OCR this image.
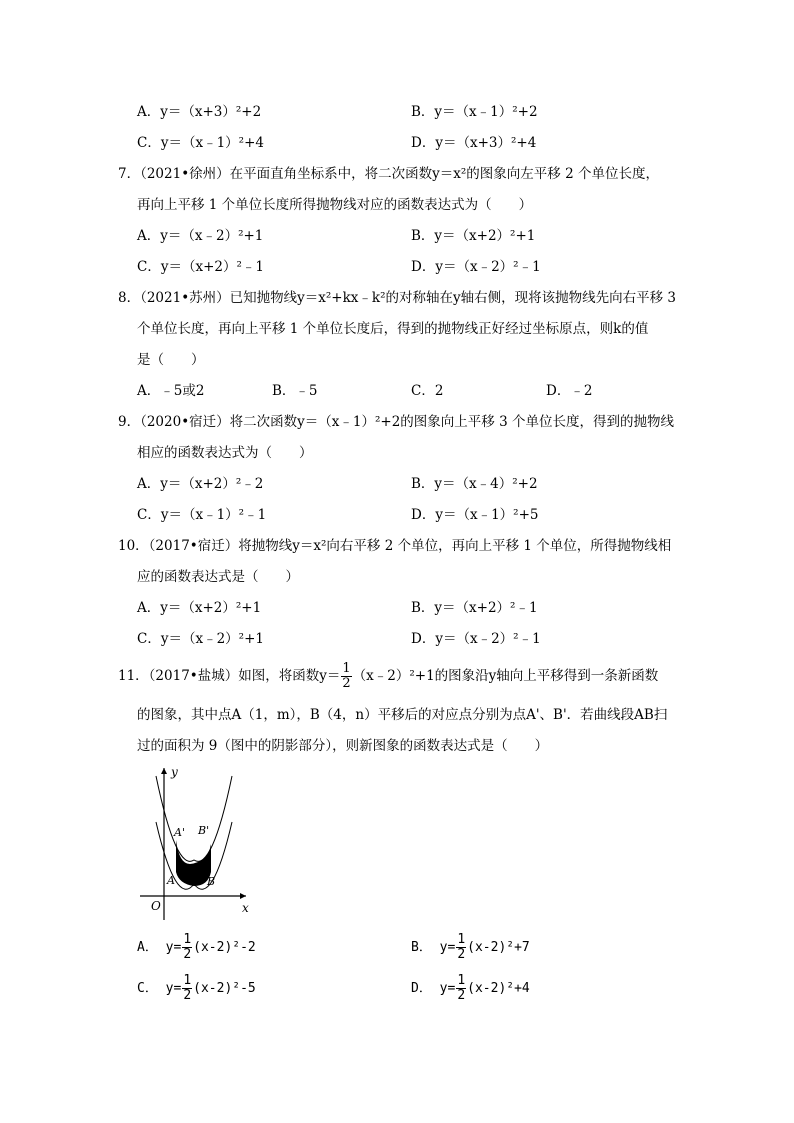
A．y＝（x+3）²+2	B．y＝（x﹣1）²+2
C．y＝（x﹣1）²+4	D．y＝（x+3）²+4
7．（2021•徐州）在平面直角坐标系中，将二次函数y＝x²的图象向左平移 2 个单位长度，
再向上平移 1 个单位长度所得抛物线对应的函数表达式为（　　）
A．y＝（x﹣2）²+1	B．y＝（x+2）²+1
C．y＝（x+2）²﹣1	D．y＝（x﹣2）²﹣1
8．（2021•苏州）已知抛物线y＝x²+kx﹣k²的对称轴在y轴右侧，现将该抛物线先向右平移 3
个单位长度，再向上平移 1 个单位长度后，得到的抛物线正好经过坐标原点，则k的值
是（　　）
A．﹣5或2	B．﹣5	C．2	D．﹣2
9．（2020•宿迁）将二次函数y＝（x﹣1）²+2的图象向上平移 3 个单位长度，得到的抛物线
相应的函数表达式为（　　）
A．y＝（x+2）²﹣2	B．y＝（x﹣4）²+2
C．y＝（x﹣1）²﹣1	D．y＝（x﹣1）²+5
10．（2017•宿迁）将抛物线y＝x²向右平移 2 个单位，再向上平移 1 个单位，所得抛物线相
应的函数表达式是（　　）
A．y＝（x+2）²+1	B．y＝（x+2）²﹣1
C．y＝（x﹣2）²+1	D．y＝（x﹣2）²﹣1
11．（2017•盐城）如图，将函数$y= \frac{1}{2}$ （x﹣2）²+1的图象沿y轴向上平移得到一条新函数
的图象，其中点A（1，m），B（4，n）平移后的对应点分别为点A'、B'．若曲线段AB扫
过的面积为 9（图中的阴影部分），则新图象的函数表达式是（　　）
y
x
O
A' B'
A	B
A． $y= \frac{1}{2} (x-2)^2-2$	B． $y= \frac{1}{2} (x-2)^2+7$
C． $y= \frac{1}{2} (x-2)^2-5$	D． $y= \frac{1}{2} (x-2)^2+4$
